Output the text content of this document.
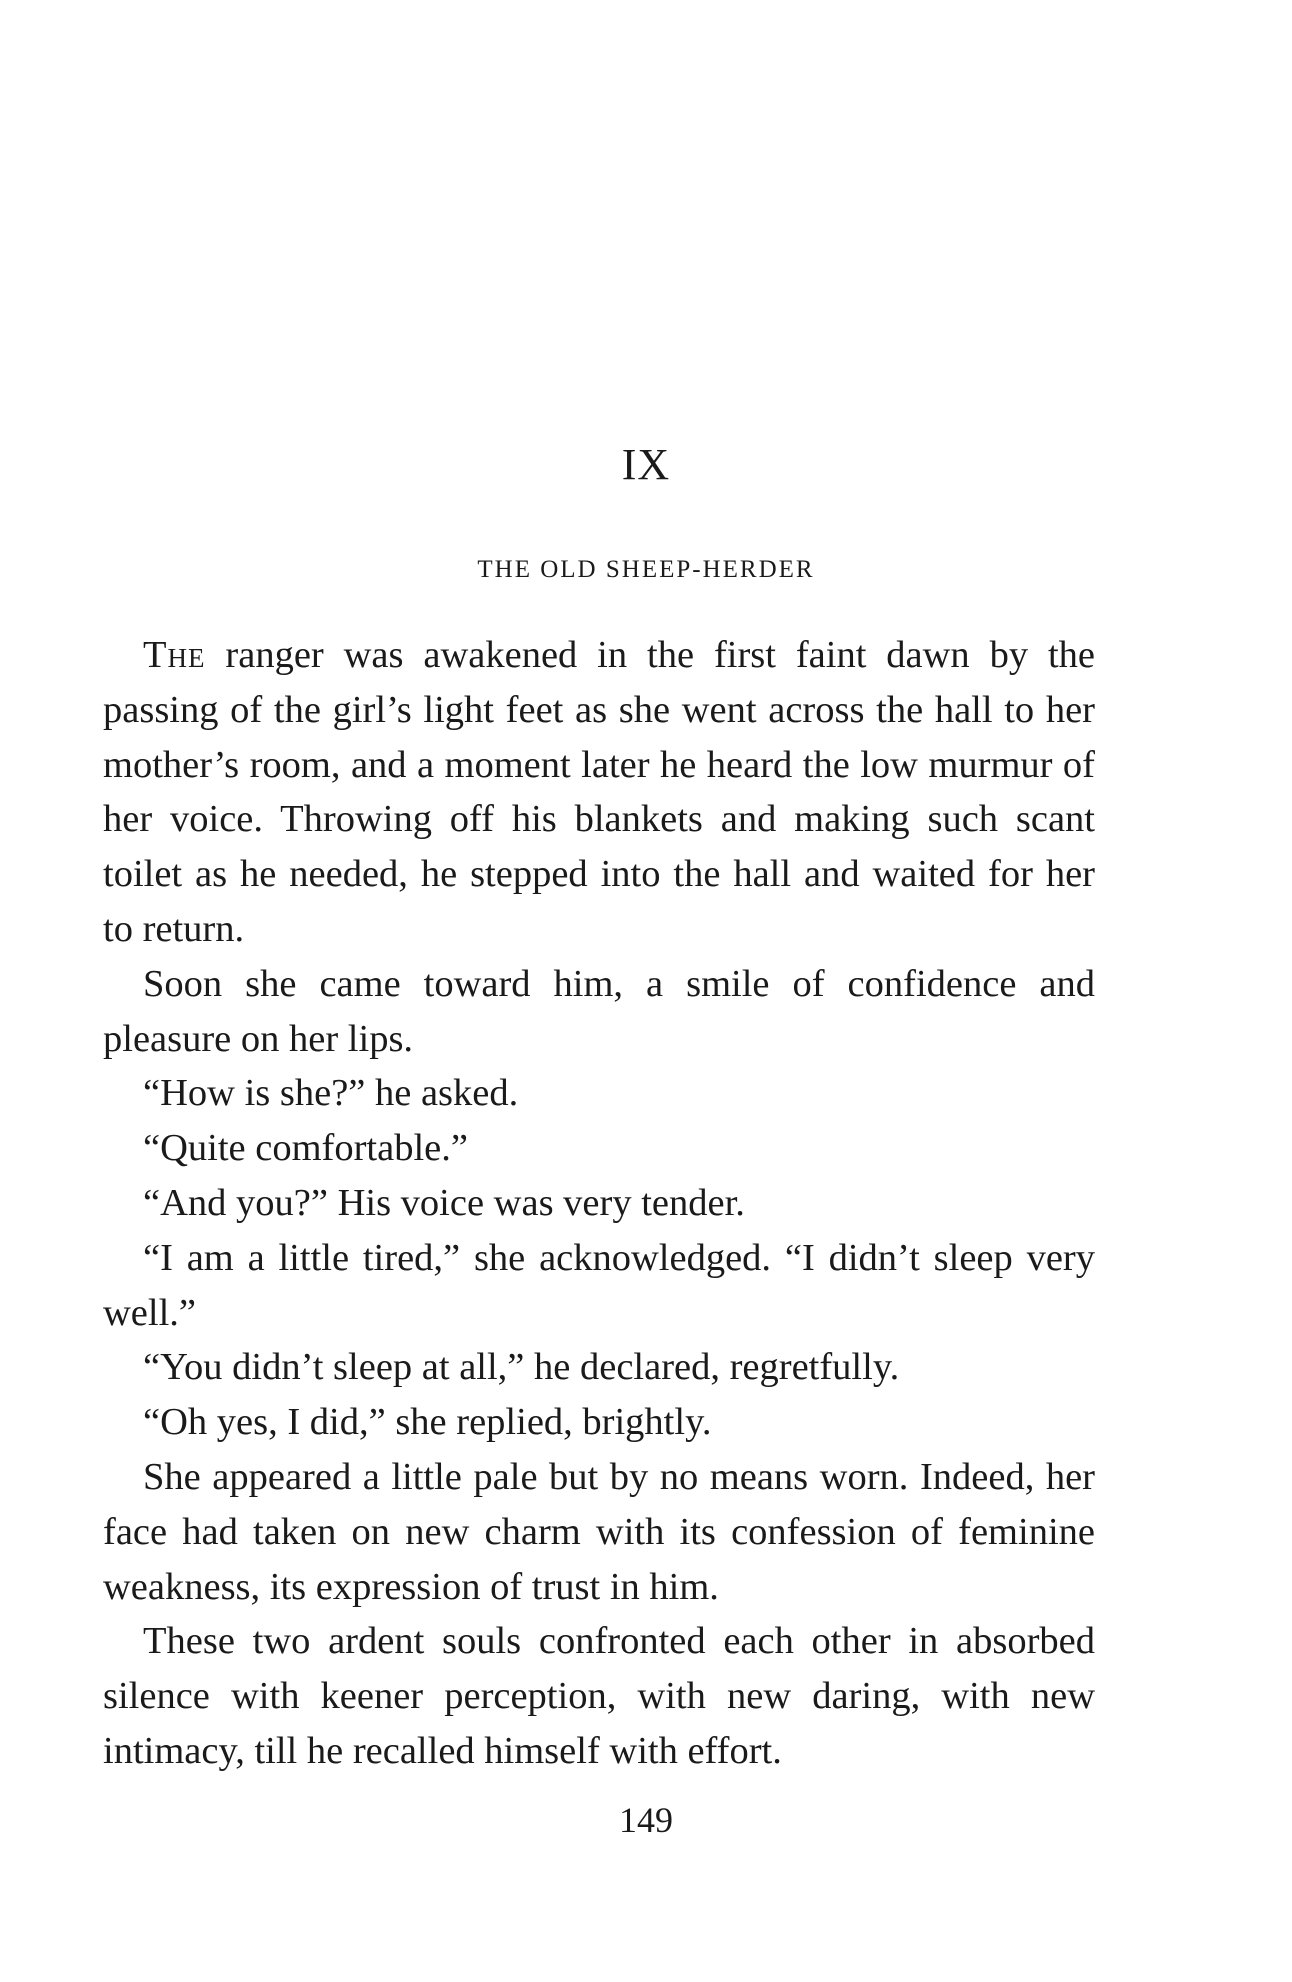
IX
THE OLD SHEEP-HERDER

The ranger was awakened in the first faint dawn by the passing of the girl’s light feet as she went across the hall to her mother’s room, and a moment later he heard the low murmur of her voice. Throwing off his blankets and making such scant toilet as he needed, he stepped into the hall and waited for her to return.

Soon she came toward him, a smile of confidence and pleasure on her lips.

“How is she?” he asked.

“Quite comfortable.”

“And you?” His voice was very tender.

“I am a little tired,” she acknowledged. “I didn’t sleep very well.”

“You didn’t sleep at all,” he declared, regretfully.

“Oh yes, I did,” she replied, brightly.

She appeared a little pale but by no means worn. Indeed, her face had taken on new charm with its confession of feminine weakness, its expression of trust in him.

These two ardent souls confronted each other in absorbed silence with keener perception, with new daring, with new intimacy, till he recalled himself with effort.

149
